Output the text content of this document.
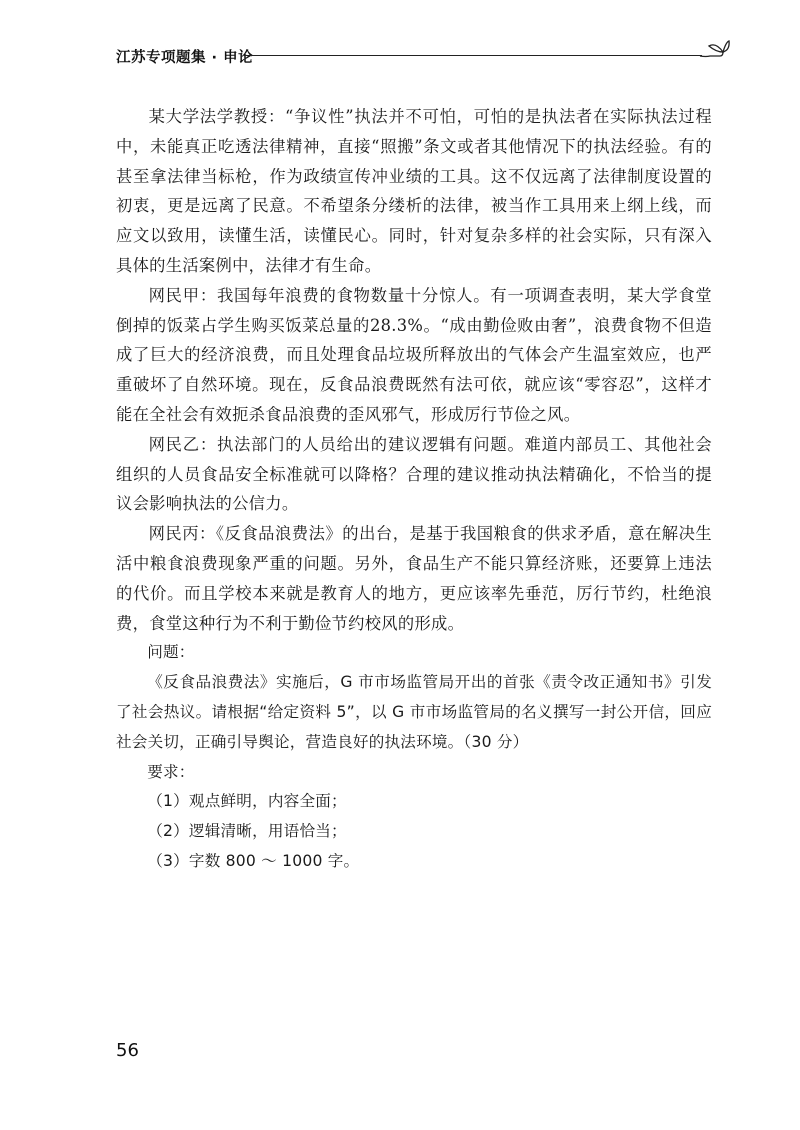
江苏专项题集 · 申论

某大学法学教授：“争议性”执法并不可怕，可怕的是执法者在实际执法过程中，未能真正吃透法律精神，直接“照搬”条文或者其他情况下的执法经验。有的甚至拿法律当标枪，作为政绩宣传冲业绩的工具。这不仅远离了法律制度设置的初衷，更是远离了民意。不希望条分缕析的法律，被当作工具用来上纲上线，而应文以致用，读懂生活，读懂民心。同时，针对复杂多样的社会实际，只有深入具体的生活案例中，法律才有生命。

网民甲：我国每年浪费的食物数量十分惊人。有一项调查表明，某大学食堂倒掉的饭菜占学生购买饭菜总量的28.3%。“成由勤俭败由奢”，浪费食物不但造成了巨大的经济浪费，而且处理食品垃圾所释放出的气体会产生温室效应，也严重破坏了自然环境。现在，反食品浪费既然有法可依，就应该“零容忍”，这样才能在全社会有效扼杀食品浪费的歪风邪气，形成厉行节俭之风。

网民乙：执法部门的人员给出的建议逻辑有问题。难道内部员工、其他社会组织的人员食品安全标准就可以降格？合理的建议推动执法精确化，不恰当的提议会影响执法的公信力。

网民丙：《反食品浪费法》的出台，是基于我国粮食的供求矛盾，意在解决生活中粮食浪费现象严重的问题。另外，食品生产不能只算经济账，还要算上违法的代价。而且学校本来就是教育人的地方，更应该率先垂范，厉行节约，杜绝浪费，食堂这种行为不利于勤俭节约校风的形成。

问题：

《反食品浪费法》实施后，G 市市场监管局开出的首张《责令改正通知书》引发了社会热议。请根据“给定资料 5”，以 G 市市场监管局的名义撰写一封公开信，回应社会关切，正确引导舆论，营造良好的执法环境。（30 分）

要求：

（1）观点鲜明，内容全面；

（2）逻辑清晰，用语恰当；

（3）字数 800 ～ 1000 字。

56
